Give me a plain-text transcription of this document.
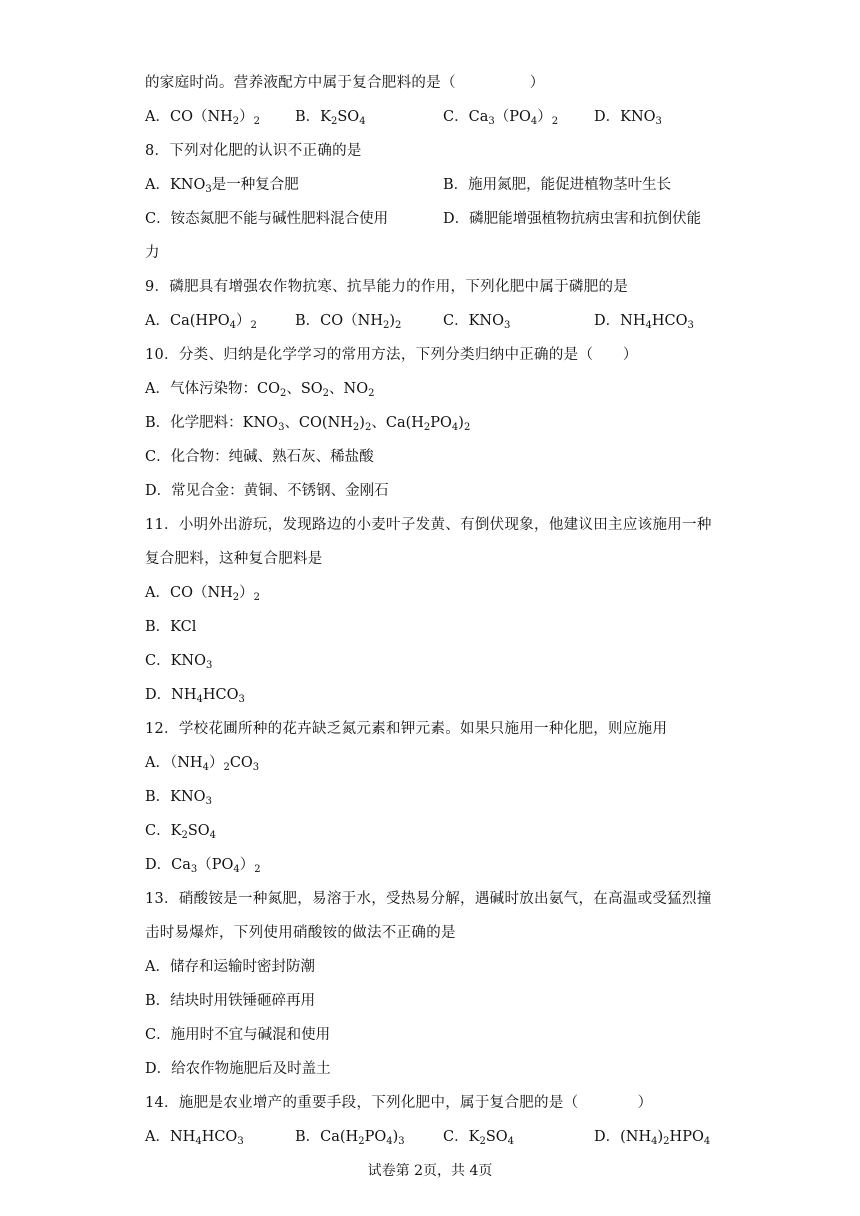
的家庭时尚。营养液配方中属于复合肥料的是（　　　　　）
A．$CO(NH_2)_2$ B．$K_2SO_4$	C．$Ca_3(PO_4)_2$ D．$KNO_3$
8．下列对化肥的认识不正确的是
A．$KNO_3$是一种复合肥	B．施用氮肥，能促进植物茎叶生长
C．铵态氮肥不能与碱性肥料混合使用	D．磷肥能增强植物抗病虫害和抗倒伏能
力
9．磷肥具有增强农作物抗寒、抗旱能力的作用，下列化肥中属于磷肥的是
A．$Ca(HPO_4)_2$	B．$CO(NH_2)_2$	C．$KNO_3$	D．$NH_4HCO_3$
10．分类、归纳是化学学习的常用方法，下列分类归纳中正确的是（　　）
A．气体污染物：$CO_2$、$SO_2$、$NO_2$
B．化学肥料：$KNO_3$、$CO(NH_2)_2$、$Ca(H_2PO_4)_2$
C．化合物：纯碱、熟石灰、稀盐酸
D．常见合金：黄铜、不锈钢、金刚石
11．小明外出游玩，发现路边的小麦叶子发黄、有倒伏现象，他建议田主应该施用一种
复合肥料，这种复合肥料是
A．$CO(NH_2)_2$
B．KCl
C．$KNO_3$
D．$NH_4HCO_3$
12．学校花圃所种的花卉缺乏氮元素和钾元素。如果只施用一种化肥，则应施用
A．$(NH_4)_2CO_3$
B．$KNO_3$
C．$K_2SO_4$
D．$Ca_3(PO_4)_2$
13．硝酸铵是一种氮肥，易溶于水，受热易分解，遇碱时放出氨气，在高温或受猛烈撞
击时易爆炸，下列使用硝酸铵的做法不正确的是
A．储存和运输时密封防潮
B．结块时用铁锤砸碎再用
C．施用时不宜与碱混和使用
D．给农作物施肥后及时盖土
14．施肥是农业增产的重要手段，下列化肥中，属于复合肥的是（　　　　）
A．$NH_4HCO_3$	B．$Ca(H_2PO_4)_3$	C．$K_2SO_4$	D．$(NH_4)_2HPO_4$
试卷第 2页，共 4页
